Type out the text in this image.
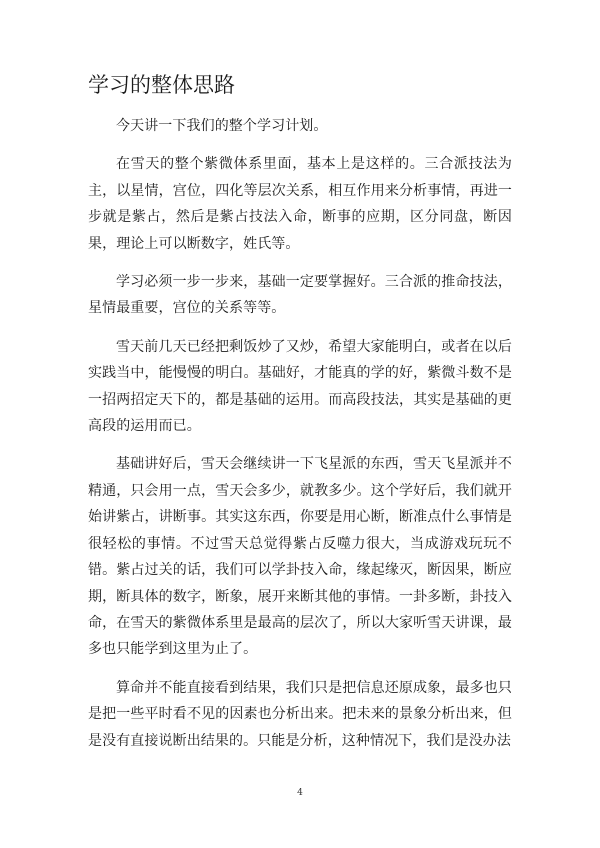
学习的整体思路

今天讲一下我们的整个学习计划。

在雪天的整个紫微体系里面，基本上是这样的。三合派技法为主，以星情，宫位，四化等层次关系，相互作用来分析事情，再进一步就是紫占，然后是紫占技法入命，断事的应期，区分同盘，断因果，理论上可以断数字，姓氏等。

学习必须一步一步来，基础一定要掌握好。三合派的推命技法，星情最重要，宫位的关系等等。

雪天前几天已经把剩饭炒了又炒，希望大家能明白，或者在以后实践当中，能慢慢的明白。基础好，才能真的学的好，紫微斗数不是一招两招定天下的，都是基础的运用。而高段技法，其实是基础的更高段的运用而已。

基础讲好后，雪天会继续讲一下飞星派的东西，雪天飞星派并不精通，只会用一点，雪天会多少，就教多少。这个学好后，我们就开始讲紫占，讲断事。其实这东西，你要是用心断，断准点什么事情是很轻松的事情。不过雪天总觉得紫占反噬力很大，当成游戏玩玩不错。紫占过关的话，我们可以学卦技入命，缘起缘灭，断因果，断应期，断具体的数字，断象，展开来断其他的事情。一卦多断，卦技入命，在雪天的紫微体系里是最高的层次了，所以大家听雪天讲课，最多也只能学到这里为止了。

算命并不能直接看到结果，我们只是把信息还原成象，最多也只是把一些平时看不见的因素也分析出来。把未来的景象分析出来，但是没有直接说断出结果的。只能是分析，这种情况下，我们是没办法

4
